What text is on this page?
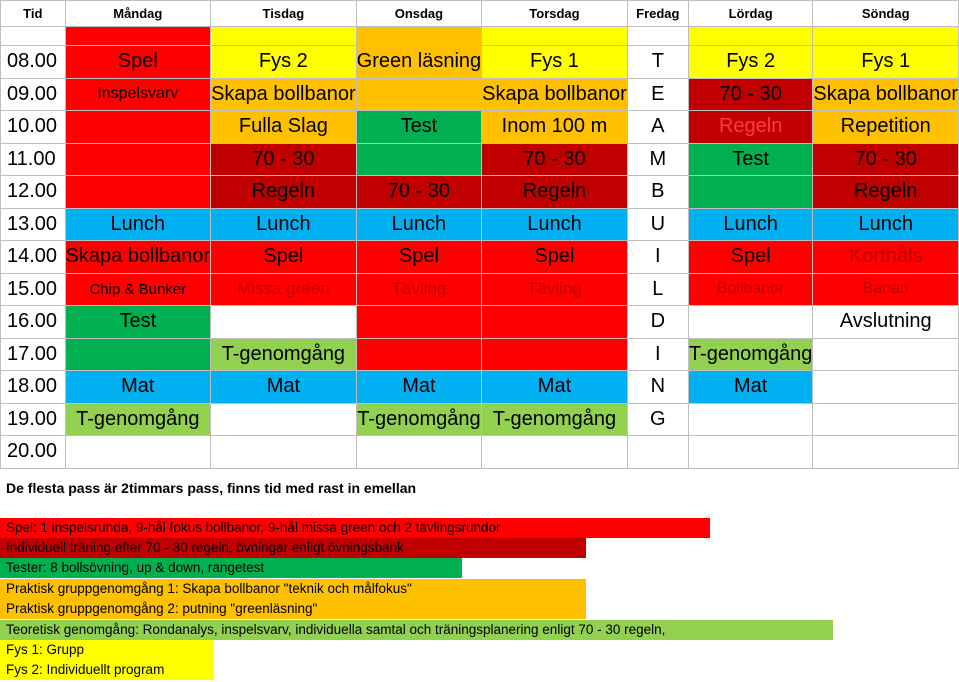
Tid	Måndag	Tisdag	Onsdag	Torsdag	Fredag	Lördag	Söndag

08.00	Spel	Fys 2	Green läsning	Fys 1	T	Fys 2	Fys 1
09.00	Inspelsvarv	Skapa bollbanor		Skapa bollbanor	E	70 - 30	Skapa bollbanor
10.00		Fulla Slag	Test	Inom 100 m	A	Regeln	Repetition
11.00		70 - 30		70 - 30	M	Test	70 - 30
12.00		Regeln	70 - 30	Regeln	B		Regeln
13.00	Lunch	Lunch	Lunch	Lunch	U	Lunch	Lunch
14.00	Skapa bollbanor	Spel	Spel	Spel	I	Spel	Korthåls
15.00	Chip & Bunker	Missa green	Tävling	Tävling	L	Bollbanor	Banan
16.00	Test				D		Avslutning
17.00		T-genomgång			I	T-genomgång	
18.00	Mat	Mat	Mat	Mat	N	Mat	
19.00	T-genomgång		T-genomgång	T-genomgång	G		
20.00							
De flesta pass är 2timmars pass, finns tid med rast in emellan
Spel: 1 inspelsrunda, 9-hål fokus bollbanor, 9-hål missa green och 2 tävlingsrundor
Individuell träning efter 70 - 30 regeln, övningar enligt övningsbank
Tester: 8 bollsövning, up & down, rangetest
Praktisk gruppgenomgång 1: Skapa bollbanor "teknik och målfokus"
Praktisk gruppgenomgång 2: putning "greenläsning"
Teoretisk genomgång: Rondanalys, inspelsvarv, individuella samtal och träningsplanering enligt 70 - 30 regeln,
Fys 1: Grupp
Fys 2: Individuellt program
